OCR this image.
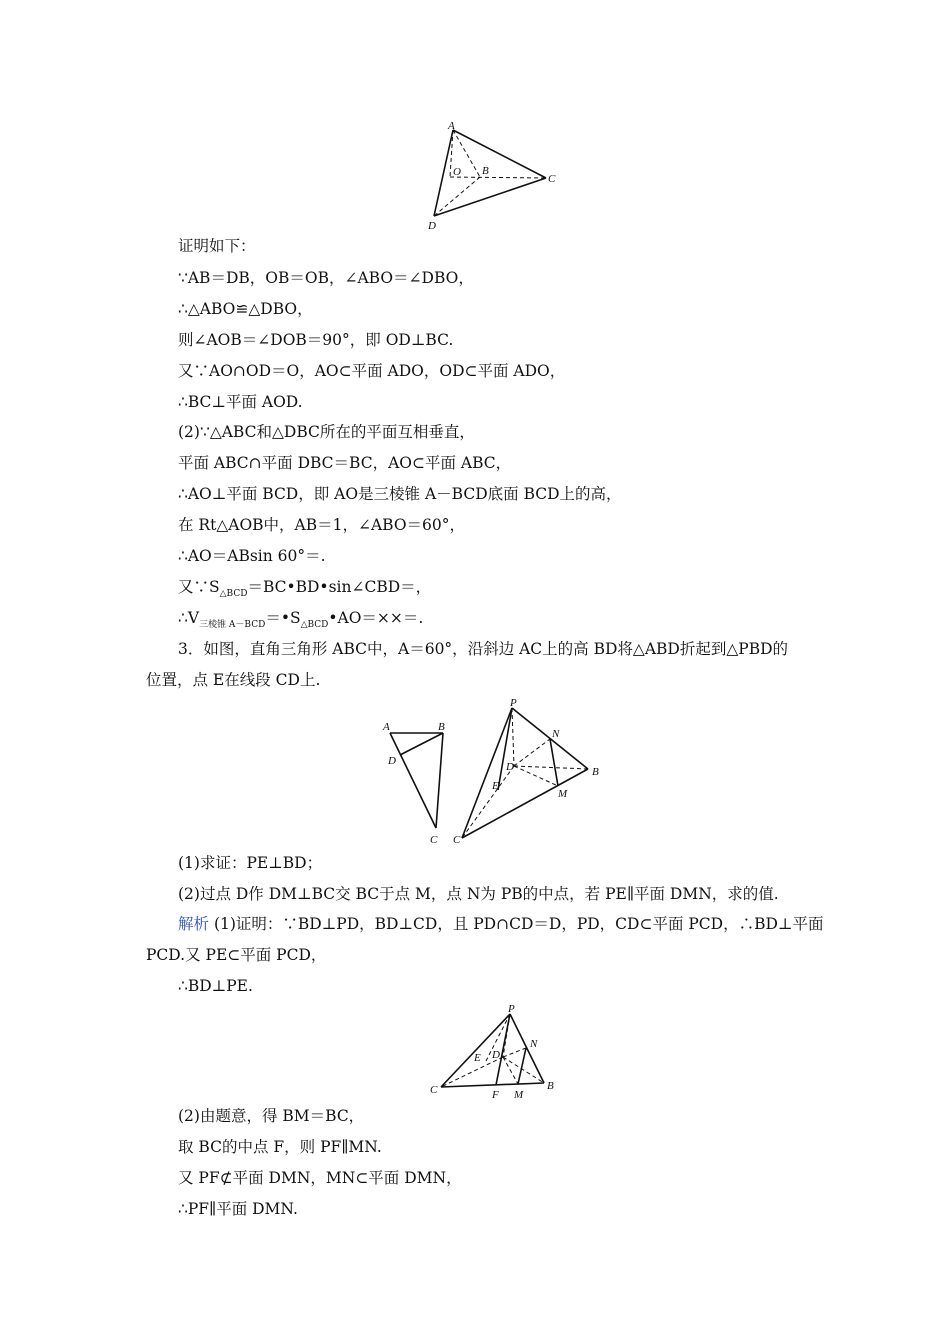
A
B
C
D
O
证明如下：
∵AB＝DB，OB＝OB，∠ABO＝∠DBO，
∴△ABO≌△DBO，
则∠AOB＝∠DOB＝90°，即 OD⊥BC.
又∵AO∩OD＝O，AO⊂平面 ADO，OD⊂平面 ADO，
∴BC⊥平面 AOD.
(2)∵△ABC和△DBC所在的平面互相垂直，
平面 ABC∩平面 DBC＝BC，AO⊂平面 ABC，
∴AO⊥平面 BCD，即 AO是三棱锥 A－BCD底面 BCD上的高，
在 Rt△AOB中，AB＝1，∠ABO＝60°，
∴AO＝ABsin 60°＝.
又$\because S_{\triangle BCD}=BC•BD•\sin\angle CBD=$，
$\therefore V_{三棱锥 A-BCD}=•S_{\triangle BCD}•AO=\times\times=$.
3．如图，直角三角形 ABC中，A＝60°，沿斜边 AC上的高 BD将△ABD折起到△PBD的
位置，点 E在线段 CD上.
A	B
C
D
P
N
D	B
E
M
C
(1)求证：PE⊥BD；
(2)过点 D作 DM⊥BC交 BC于点 M，点 N为 PB的中点，若 PE∥平面 DMN，求的值.
解析 (1)证明：∵BD⊥PD，BD⊥CD，且 PD∩CD＝D，PD，CD⊂平面 PCD，∴BD⊥平面
PCD.又 PE⊂平面 PCD，
∴BD⊥PE.
P
N
E D
C	F M
B
(2)由题意，得 BM＝BC，
取 BC的中点 F，则 PF∥MN.
又 PF⊄平面 DMN，MN⊂平面 DMN，
∴PF∥平面 DMN.
